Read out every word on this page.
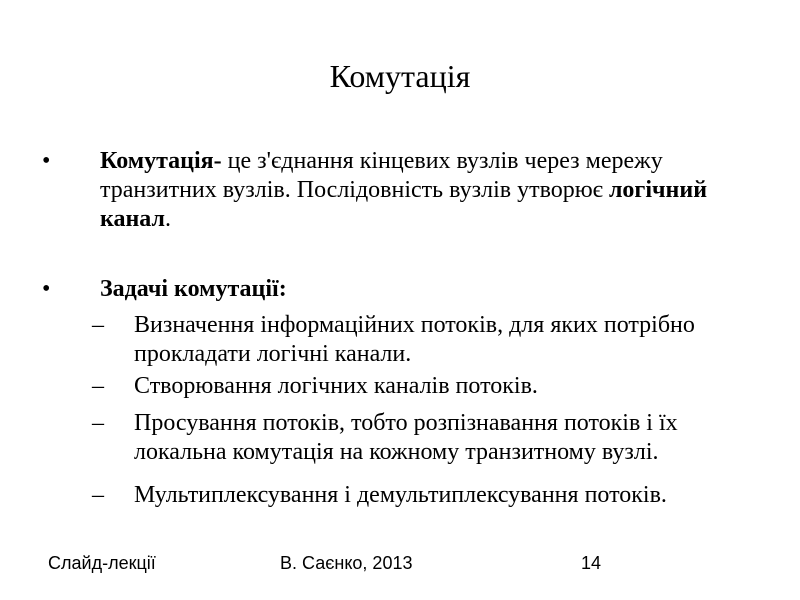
Комутація
• Комутація- це з'єднання кінцевих вузлів через мережу транзитних вузлів. Послідовність вузлів утворює логічний канал.
• Задачі комутації:
– Визначення інформаційних потоків, для яких потрібно прокладати логічні канали.
– Створювання логічних каналів потоків.
– Просування потоків, тобто розпізнавання потоків і їх локальна комутація на кожному транзитному вузлі.
– Мультиплексування і демультиплексування потоків.
Слайд-лекції	В. Саєнко, 2013	14
